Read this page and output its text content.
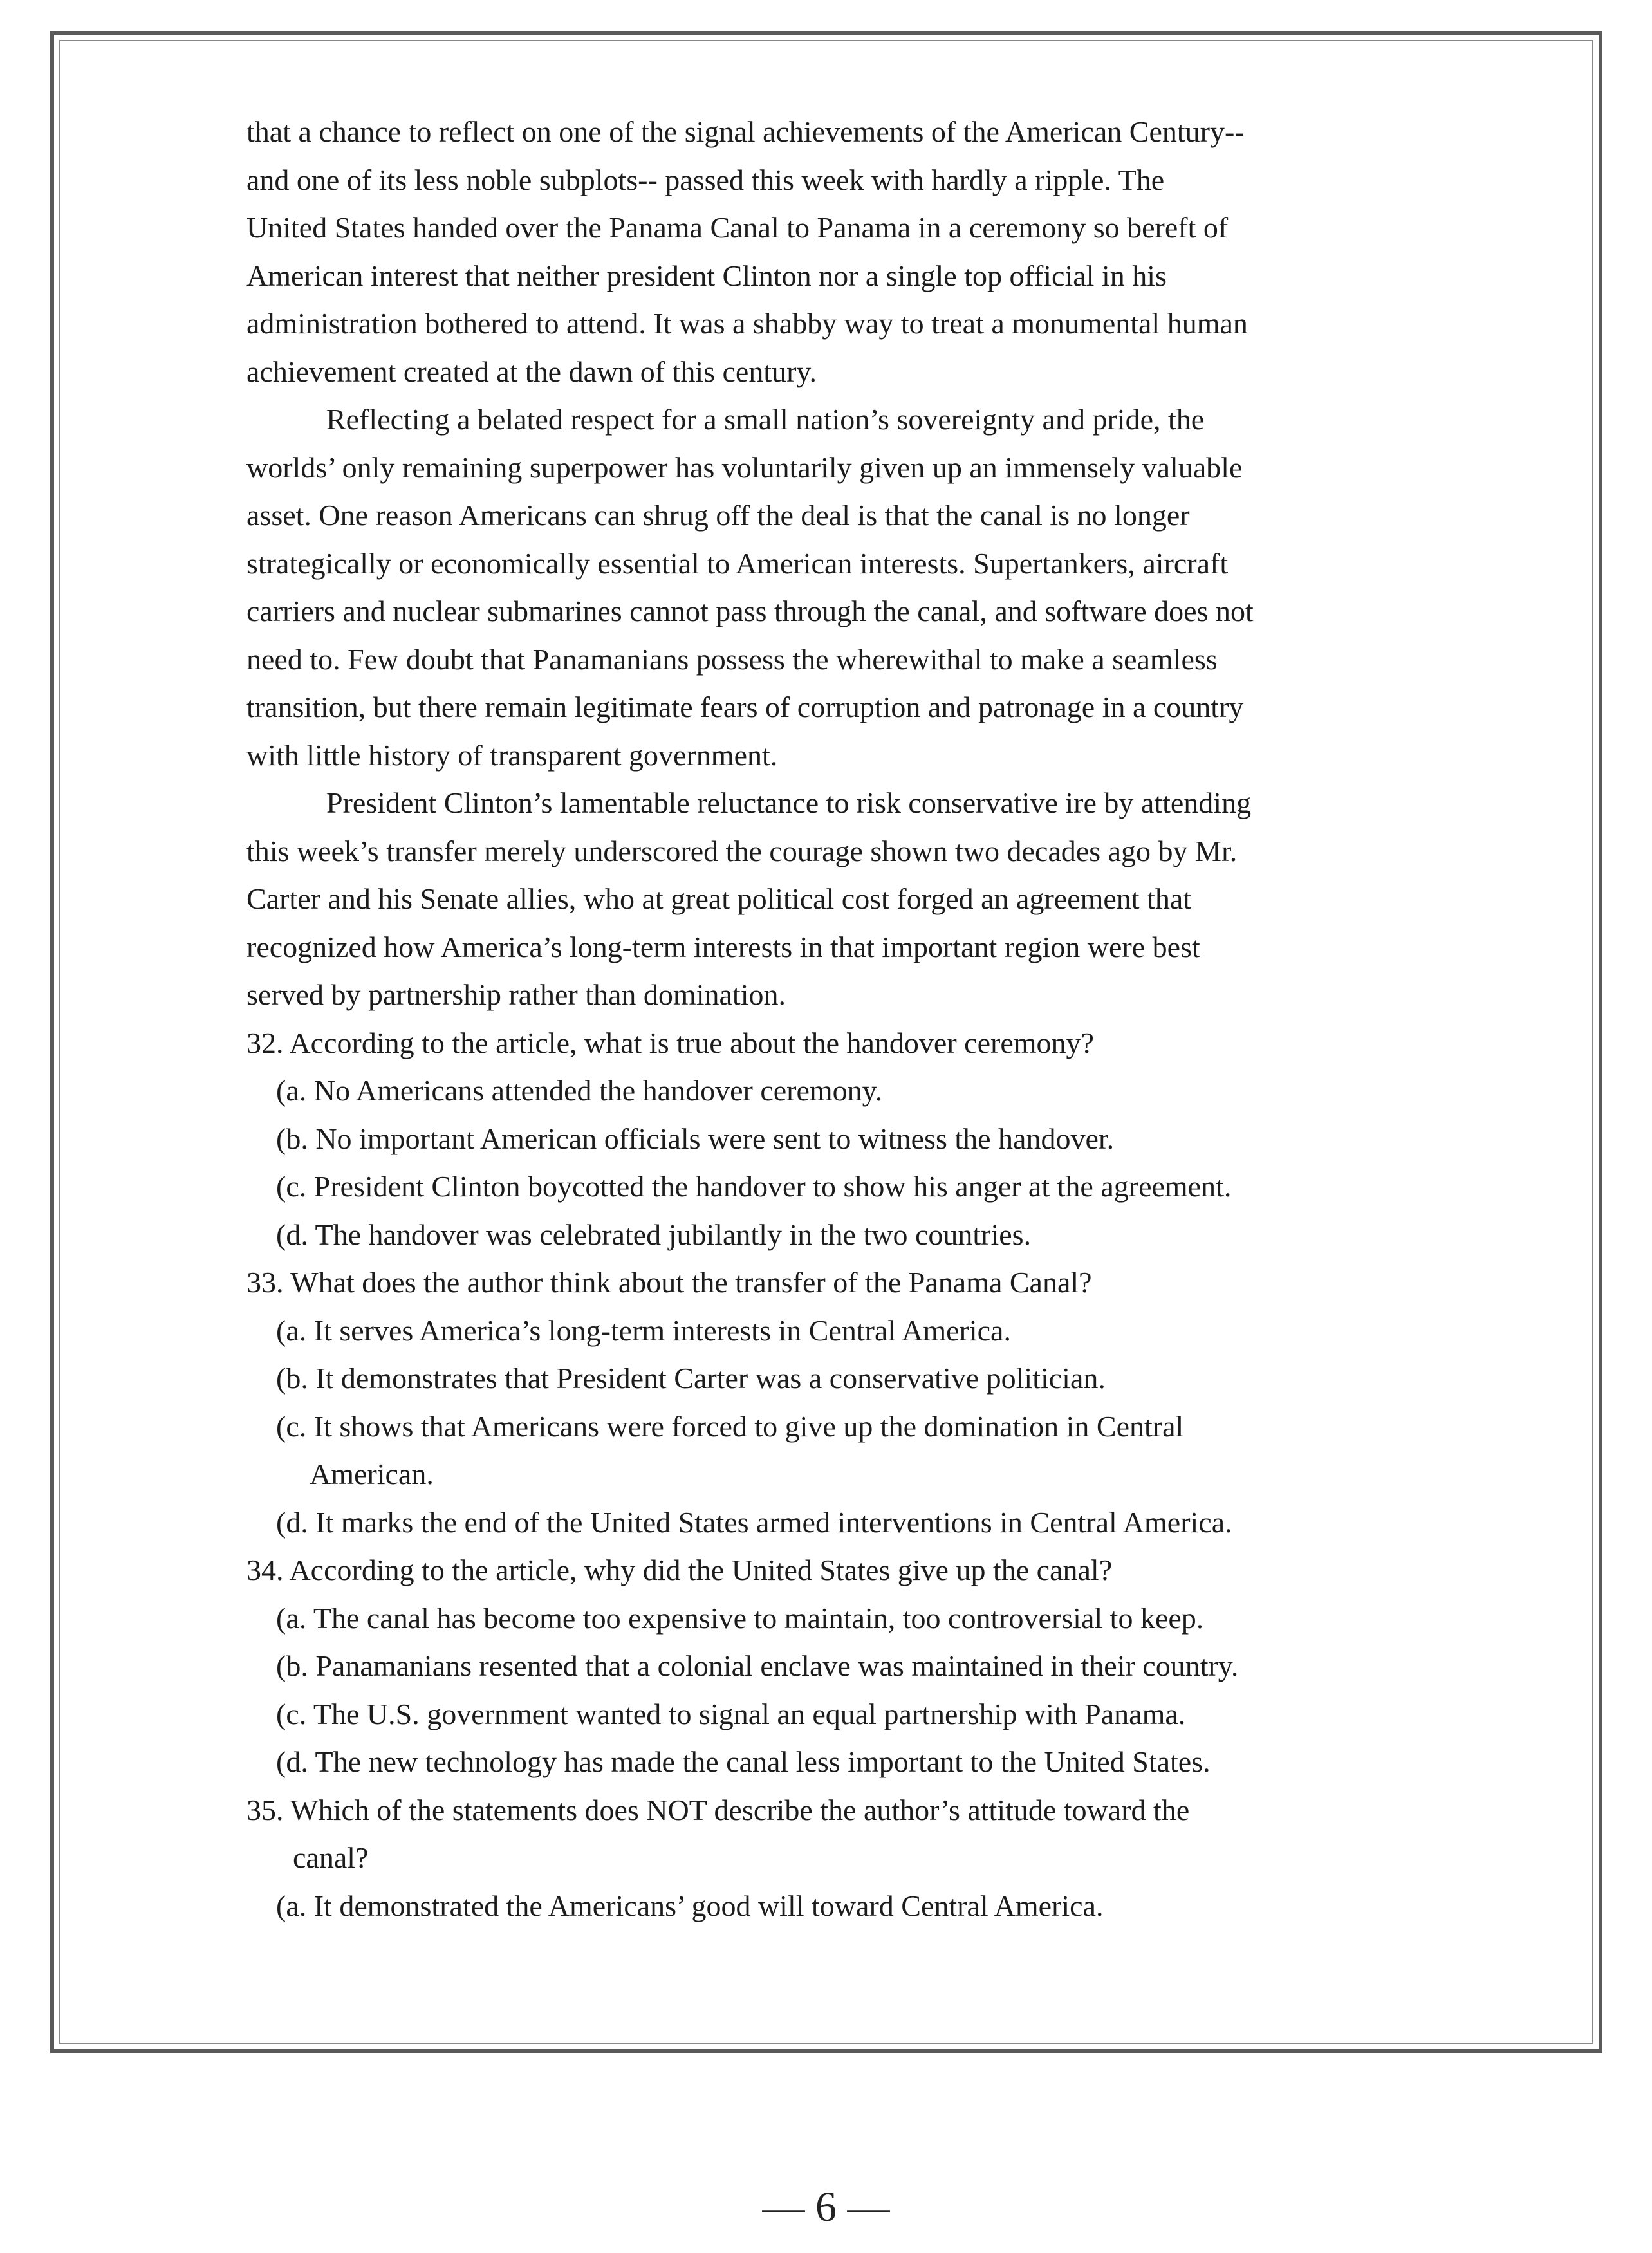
that a chance to reflect on one of the signal achievements of the American Century--

and one of its less noble subplots-- passed this week with hardly a ripple. The

United States handed over the Panama Canal to Panama in a ceremony so bereft of

American interest that neither president Clinton nor a single top official in his

administration bothered to attend. It was a shabby way to treat a monumental human

achievement created at the dawn of this century.

Reflecting a belated respect for a small nation’s sovereignty and pride, the

worlds’ only remaining superpower has voluntarily given up an immensely valuable

asset. One reason Americans can shrug off the deal is that the canal is no longer

strategically or economically essential to American interests. Supertankers, aircraft

carriers and nuclear submarines cannot pass through the canal, and software does not

need to. Few doubt that Panamanians possess the wherewithal to make a seamless

transition, but there remain legitimate fears of corruption and patronage in a country

with little history of transparent government.

President Clinton’s lamentable reluctance to risk conservative ire by attending

this week’s transfer merely underscored the courage shown two decades ago by Mr.

Carter and his Senate allies, who at great political cost forged an agreement that

recognized how America’s long-term interests in that important region were best

served by partnership rather than domination.

32. According to the article, what is true about the handover ceremony?

(a. No Americans attended the handover ceremony.

(b. No important American officials were sent to witness the handover.

(c. President Clinton boycotted the handover to show his anger at the agreement.

(d. The handover was celebrated jubilantly in the two countries.

33. What does the author think about the transfer of the Panama Canal?

(a. It serves America’s long-term interests in Central America.

(b. It demonstrates that President Carter was a conservative politician.

(c. It shows that Americans were forced to give up the domination in Central

American.

(d. It marks the end of the United States armed interventions in Central America.

34. According to the article, why did the United States give up the canal?

(a. The canal has become too expensive to maintain, too controversial to keep.

(b. Panamanians resented that a colonial enclave was maintained in their country.

(c. The U.S. government wanted to signal an equal partnership with Panama.

(d. The new technology has made the canal less important to the United States.

35. Which of the statements does NOT describe the author’s attitude toward the

canal?

(a. It demonstrated the Americans’ good will toward Central America.

— 6 —
